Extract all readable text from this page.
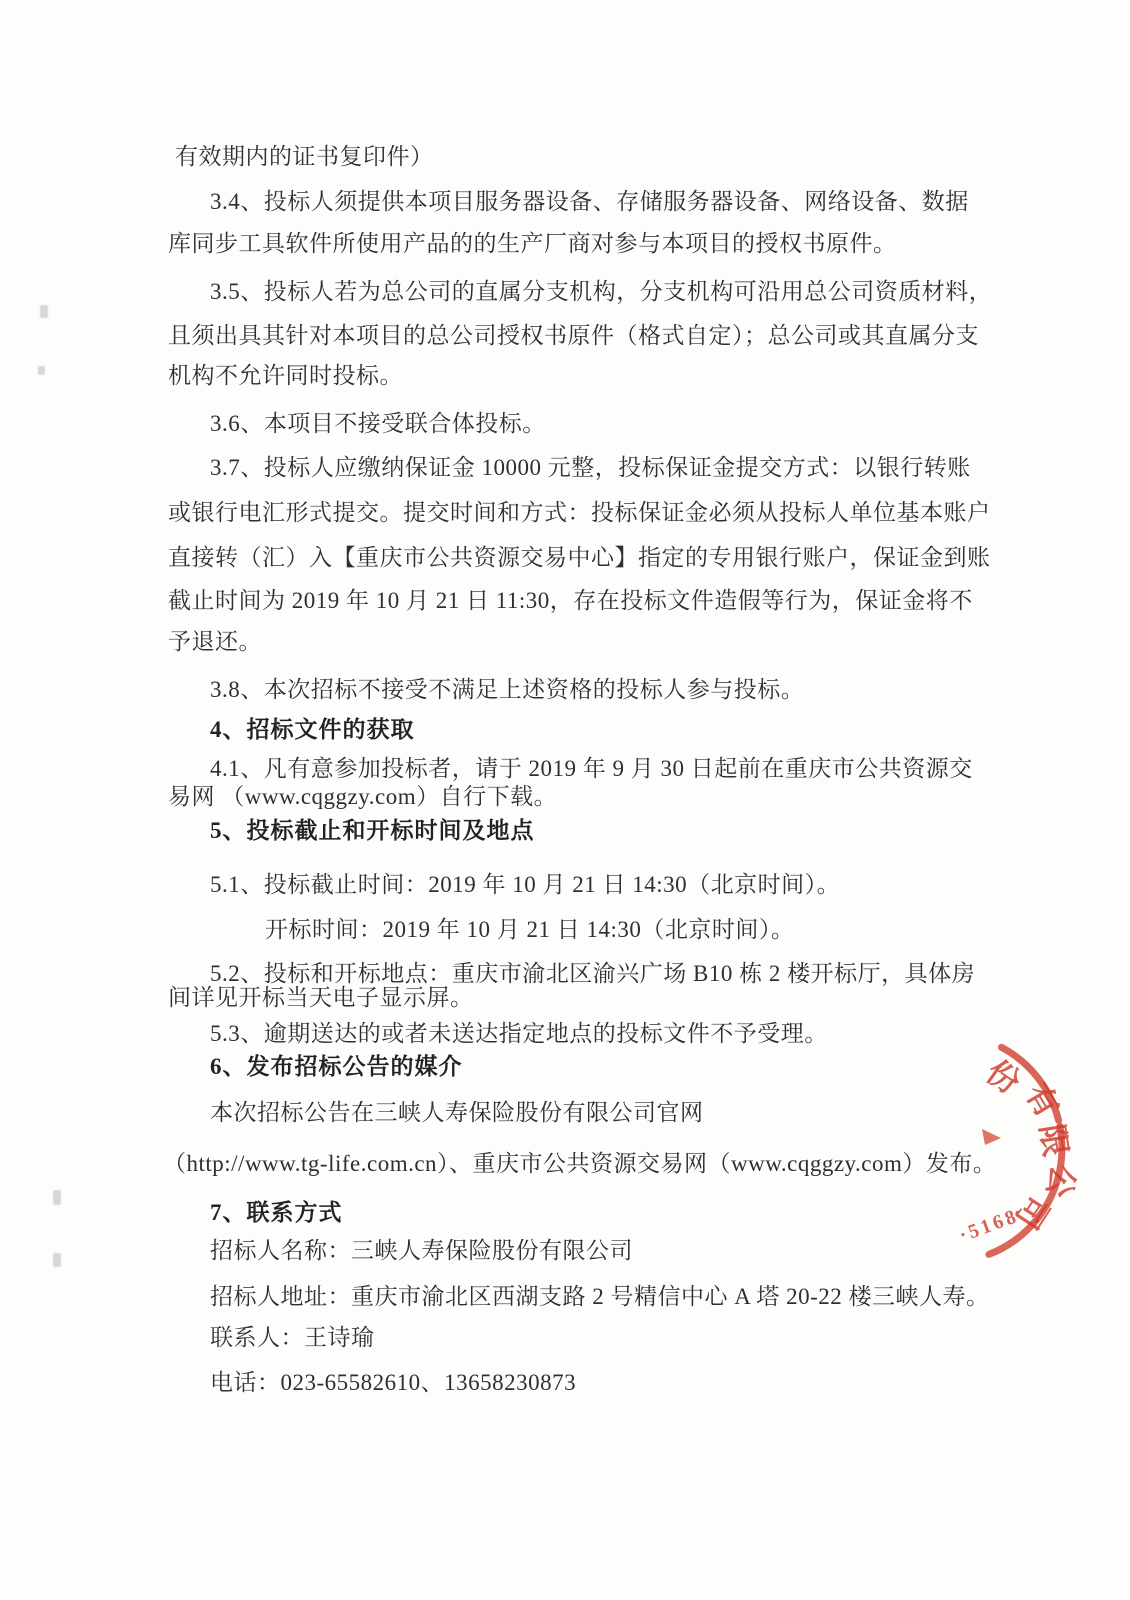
有效期内的证书复印件）
3.4、投标人须提供本项目服务器设备、存储服务器设备、网络设备、数据
库同步工具软件所使用产品的的生产厂商对参与本项目的授权书原件。
3.5、投标人若为总公司的直属分支机构，分支机构可沿用总公司资质材料，
且须出具其针对本项目的总公司授权书原件（格式自定）；总公司或其直属分支
机构不允许同时投标。
3.6、本项目不接受联合体投标。
3.7、投标人应缴纳保证金 10000 元整，投标保证金提交方式：以银行转账
或银行电汇形式提交。提交时间和方式：投标保证金必须从投标人单位基本账户
直接转（汇）入【重庆市公共资源交易中心】指定的专用银行账户，保证金到账
截止时间为 2019 年 10 月 21 日 11:30，存在投标文件造假等行为，保证金将不
予退还。
3.8、本次招标不接受不满足上述资格的投标人参与投标。
4、招标文件的获取
4.1、凡有意参加投标者，请于 2019 年 9 月 30 日起前在重庆市公共资源交
易网 （www.cqggzy.com）自行下载。
5、投标截止和开标时间及地点
5.1、投标截止时间：2019 年 10 月 21 日 14:30（北京时间）。
开标时间：2019 年 10 月 21 日 14:30（北京时间）。
5.2、投标和开标地点：重庆市渝北区渝兴广场 B10 栋 2 楼开标厅，具体房
间详见开标当天电子显示屏。
5.3、逾期送达的或者未送达指定地点的投标文件不予受理。
6、发布招标公告的媒介
本次招标公告在三峡人寿保险股份有限公司官网
（http://www.tg-life.com.cn）、重庆市公共资源交易网（www.cqggzy.com）发布。
7、联系方式
招标人名称：三峡人寿保险股份有限公司
招标人地址：重庆市渝北区西湖支路 2 号精信中心 A 塔 20-22 楼三峡人寿。
联系人：王诗瑜
电话：023-65582610、13658230873
份
有
限
公
司
·5168
